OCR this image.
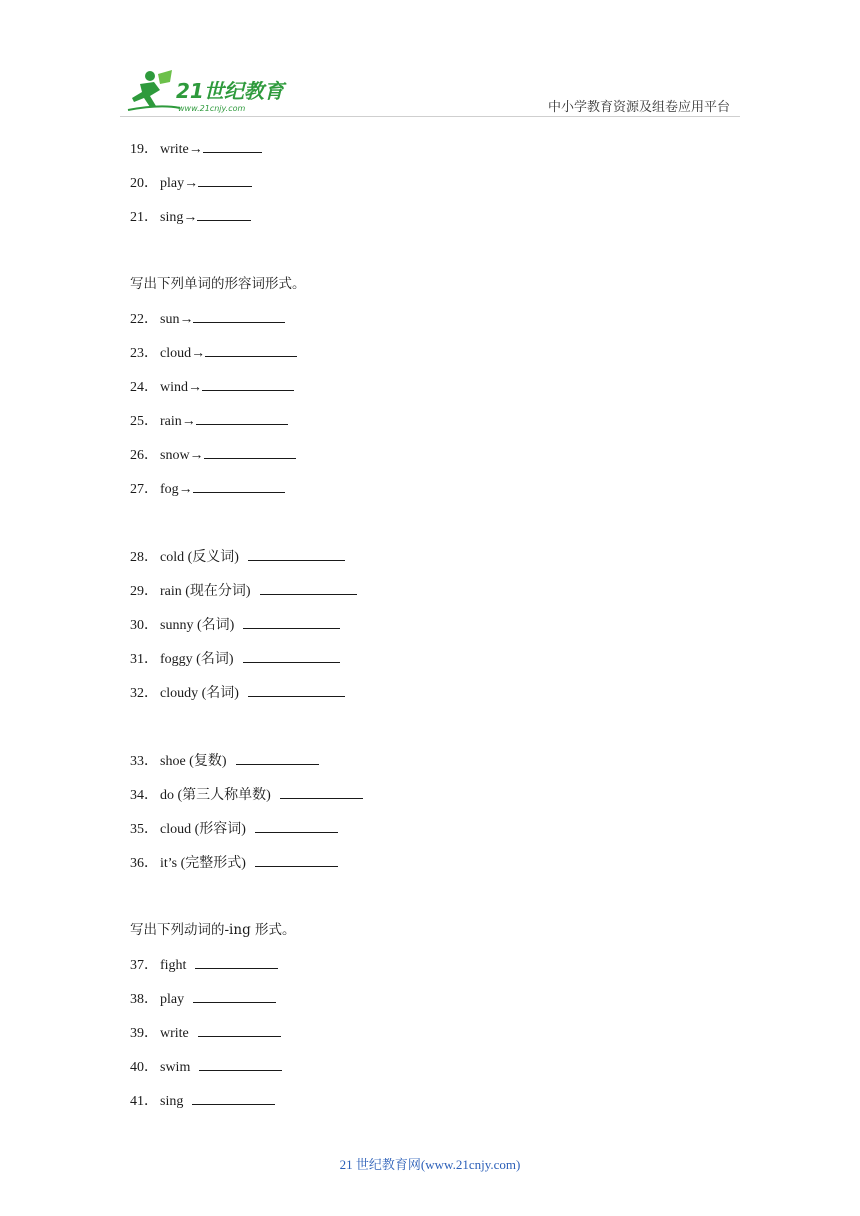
21世纪教育
www.21cnjy.com	中小学教育资源及组卷应用平台
19． write→
20． play→
21． sing→
写出下列单词的形容词形式。
22． sun→
23． cloud→
24． wind→
25． rain→
26． snow→
27． fog→
28． cold (反义词)
29． rain (现在分词)
30． sunny (名词)
31． foggy (名词)
32． cloudy (名词)
33． shoe (复数)
34． do (第三人称单数)
35． cloud (形容词)
36． it’s (完整形式)
写出下列动词的-ing 形式。
37． fight
38． play
39． write
40． swim
41． sing
21 世纪教育网(www.21cnjy.com)
